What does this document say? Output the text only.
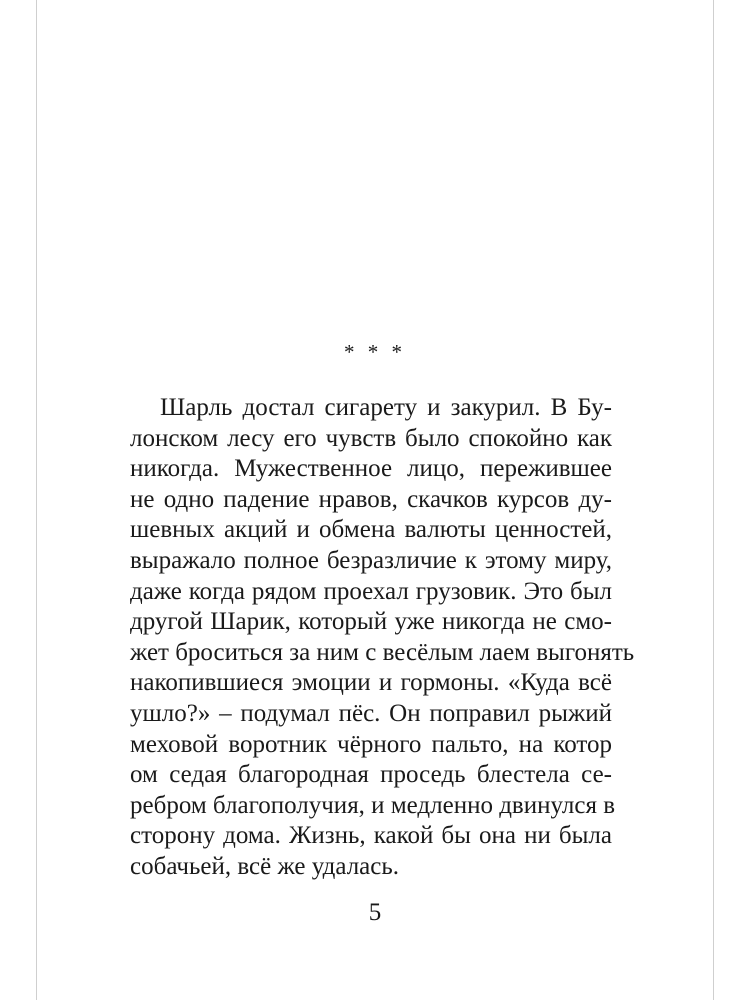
* * *
Шарль достал сигарету и закурил. В Бу-
лонском лесу его чувств было спокойно как
никогда. Мужественное лицо, пережившее
не одно падение нравов, скачков курсов ду-
шевных акций и обмена валюты ценностей,
выражало полное безразличие к этому миру,
даже когда рядом проехал грузовик. Это был
другой Шарик, который уже никогда не смо-
жет броситься за ним с весёлым лаем выгонять
накопившиеся эмоции и гормоны. «Куда всё
ушло?» – подумал пёс. Он поправил рыжий
меховой воротник чёрного пальто, на котор
ом седая благородная проседь блестела се-
ребром благополучия, и медленно двинулся в
сторону дома. Жизнь, какой бы она ни была
собачьей, всё же удалась.
5
